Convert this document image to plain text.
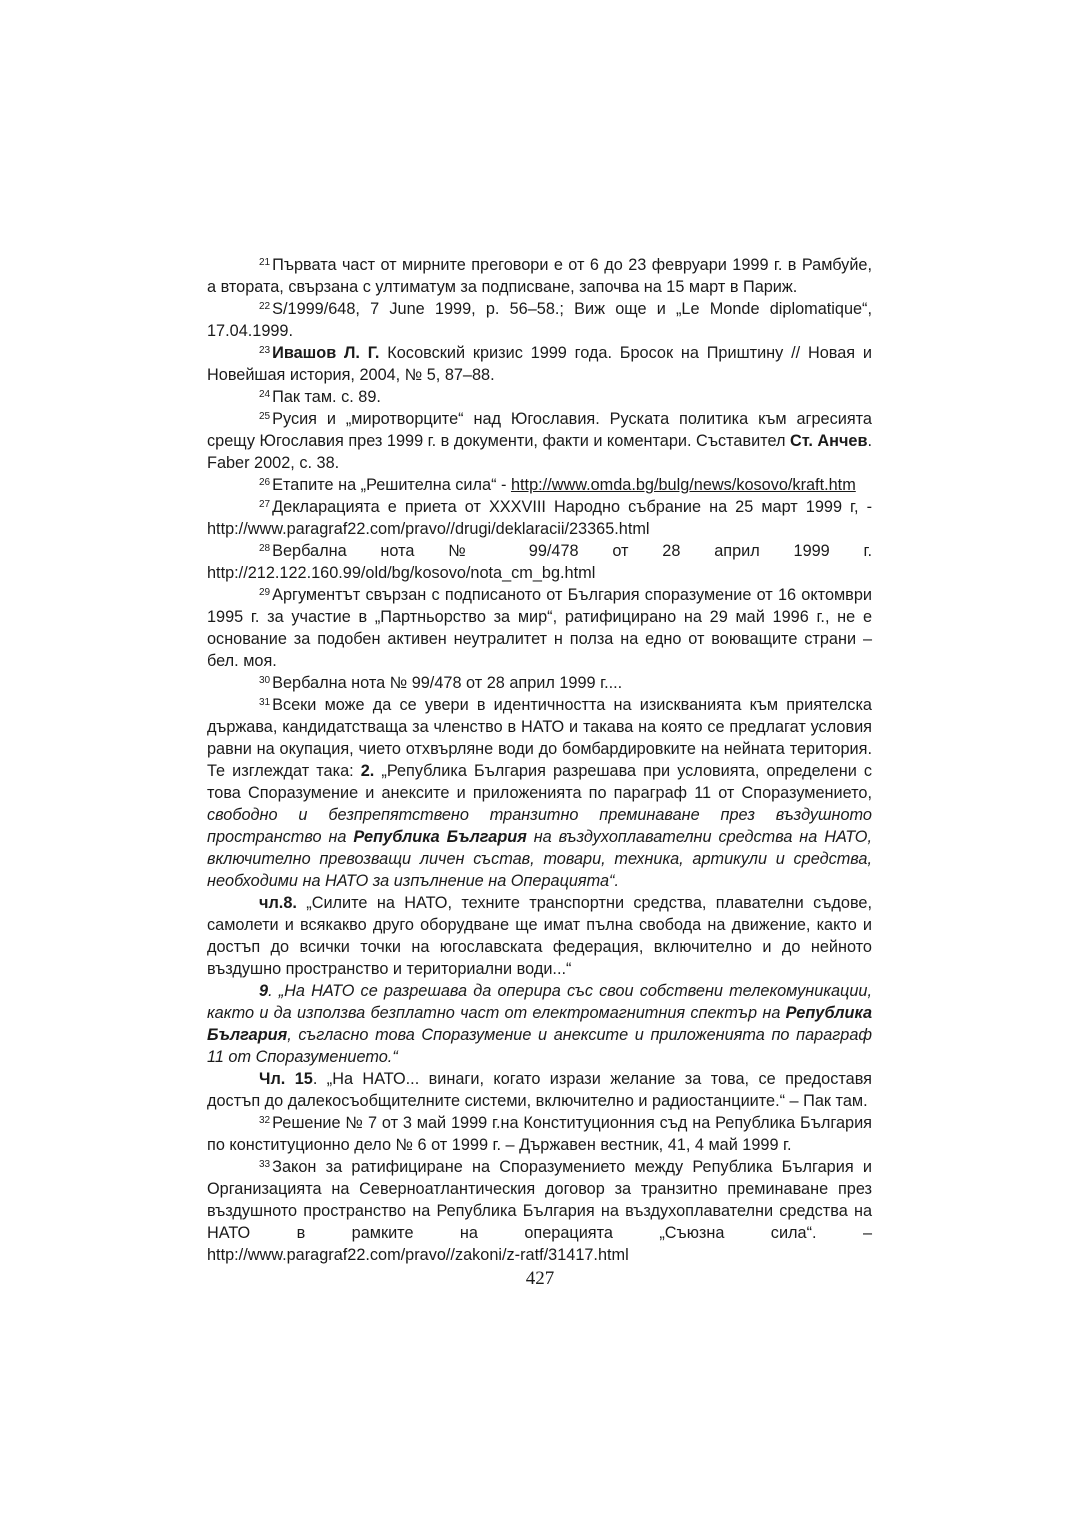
$^{21}$ Първата част от мирните преговори е от 6 до 23 февруари 1999 г. в Рамбуйе, а втората, свързана с ултиматум за подписване, започва на 15 март в Париж.

$^{22}$ S/1999/648, 7 June 1999, p. 56–58.; Виж още и „Le Monde diplomatique“, 17.04.1999.

$^{23}$ Ивашов Л. Г. Косовский кризис 1999 года. Бросок на Приштину // Новая и Новейшая история, 2004, № 5, 87–88.

$^{24}$ Пак там. с. 89.

$^{25}$ Русия и „миротворците“ над Югославия. Руската политика към агресията срещу Югославия през 1999 г. в документи, факти и коментари. Съставител Ст. Анчев. Faber 2002, с. 38.

$^{26}$ Етапите на „Решителна сила“ - http://www.omda.bg/bulg/news/kosovo/kraft.htm

$^{27}$ Декларацията е приета от XXXVIII Народно събрание на 25 март 1999 г, - http://www.paragraf22.com/pravo//drugi/deklaracii/23365.html

$^{28}$ Вербална нота № 99/478 от 28 април 1999 г. http://212.122.160.99/old/bg/kosovo/nota_cm_bg.html

$^{29}$ Аргументът свързан с подписаното от България споразумение от 16 октомври 1995 г. за участие в „Партньорство за мир“, ратифицирано на 29 май 1996 г., не е основание за подобен активен неутралитет н полза на едно от воюващите страни – бел. моя.

$^{30}$ Вербална нота № 99/478 от 28 април 1999 г....

$^{31}$ Всеки може да се увери в идентичността на изискванията към приятелска държава, кандидатстваща за членство в НАТО и такава на която се предлагат условия равни на окупация, чието отхвърляне води до бомбардировките на нейната територия. Те изглеждат така: 2. „Република България разрешава при условията, определени с това Споразумение и анексите и приложенията по параграф 11 от Споразумението, свободно и безпрепятствено транзитно преминаване през въздушното пространство на Република България на въздухоплавателни средства на НАТО, включително превозващи личен състав, товари, техника, артикули и средства, необходими на НАТО за изпълнение на Операцията“.

чл.8. „Силите на НАТО, техните транспортни средства, плавателни съдове, самолети и всякакво друго оборудване ще имат пълна свобода на движение, както и достъп до всички точки на югославската федерация, включително и до нейното въздушно пространство и териториални води...“

9. „На НАТО се разрешава да оперира със свои собствени телекомуникации, както и да използва безплатно част от електромагнитния спектър на Република България, съгласно това Споразумение и анексите и приложенията по параграф 11 от Споразумението.“

Чл. 15. „На НАТО... винаги, когато изрази желание за това, се предоставя достъп до далекосъобщителните системи, включително и радиостанциите.“ – Пак там.

$^{32}$ Решение № 7 от 3 май 1999 г.на Конституционния съд на Република България по конституционно дело № 6 от 1999 г. – Държавен вестник, 41, 4 май 1999 г.

$^{33}$ Закон за ратифициране на Споразумението между Република България и Организацията на Северноатлантическия договор за транзитно преминаване през въздушното пространство на Република България на въздухоплавателни средства на НАТО в рамките на операцията „Съюзна сила“. – http://www.paragraf22.com/pravo//zakoni/z-ratf/31417.html

427
